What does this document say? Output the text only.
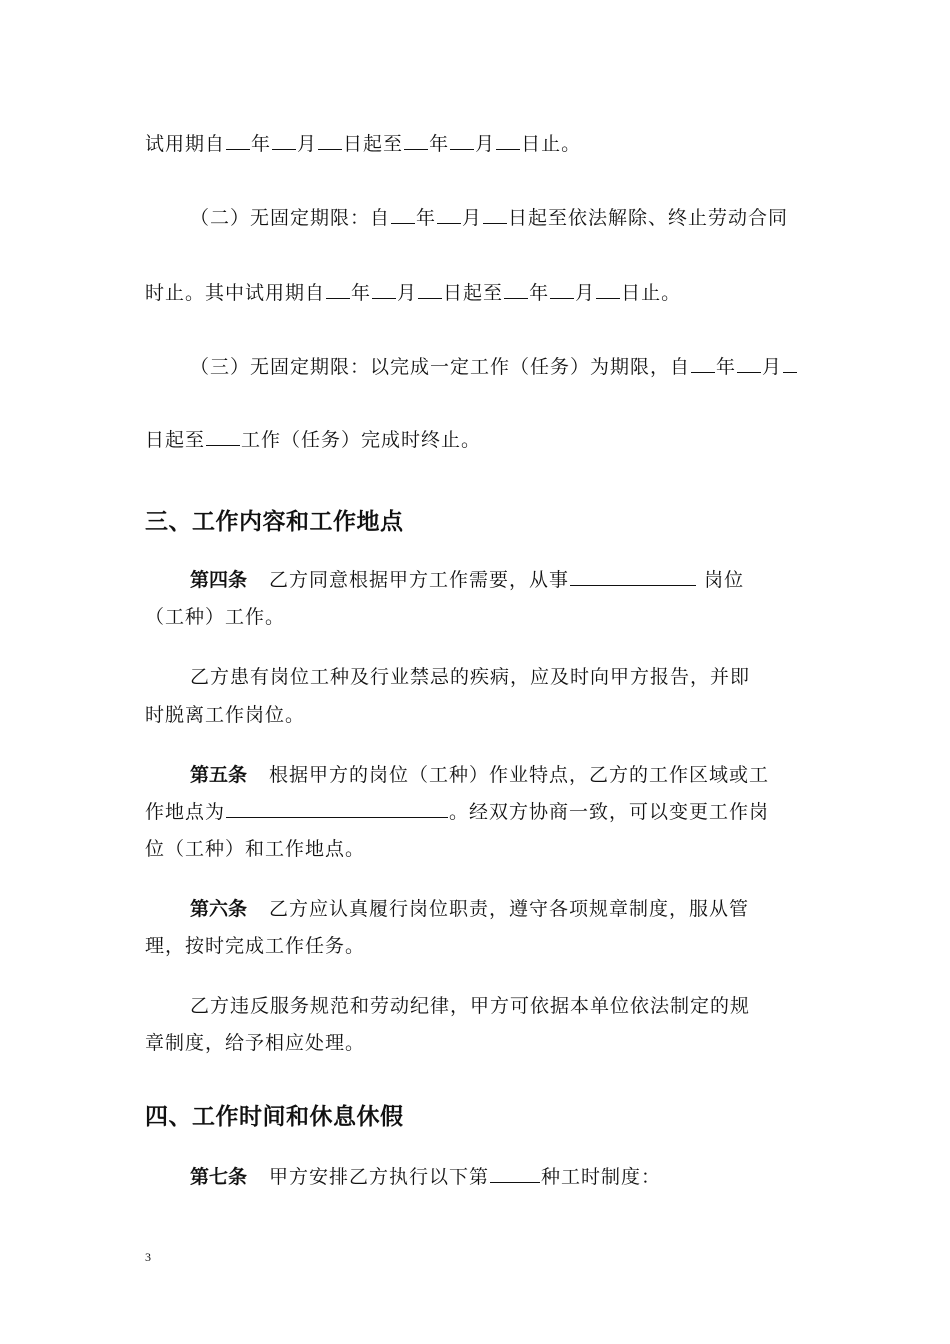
试用期自 年 月 日起至 年 月 日止。
（二）无固定期限：自 年 月 日起至依法解除、终止劳动合同
时止。其中试用期自 年 月 日起至 年 月 日止。
（三）无固定期限：以完成一定工作（任务）为期限，自 年 月
日起至 工作（任务）完成时终止。
三、工作内容和工作地点
第四条 乙方同意根据甲方工作需要，从事	岗位
（工种）工作。
乙方患有岗位工种及行业禁忌的疾病，应及时向甲方报告，并即
时脱离工作岗位。
第五条 根据甲方的岗位（工种）作业特点，乙方的工作区域或工
作地点为	。经双方协商一致，可以变更工作岗
位（工种）和工作地点。
第六条 乙方应认真履行岗位职责，遵守各项规章制度，服从管
理，按时完成工作任务。
乙方违反服务规范和劳动纪律，甲方可依据本单位依法制定的规
章制度，给予相应处理。
四、工作时间和休息休假
第七条 甲方安排乙方执行以下第	种工时制度：
3
